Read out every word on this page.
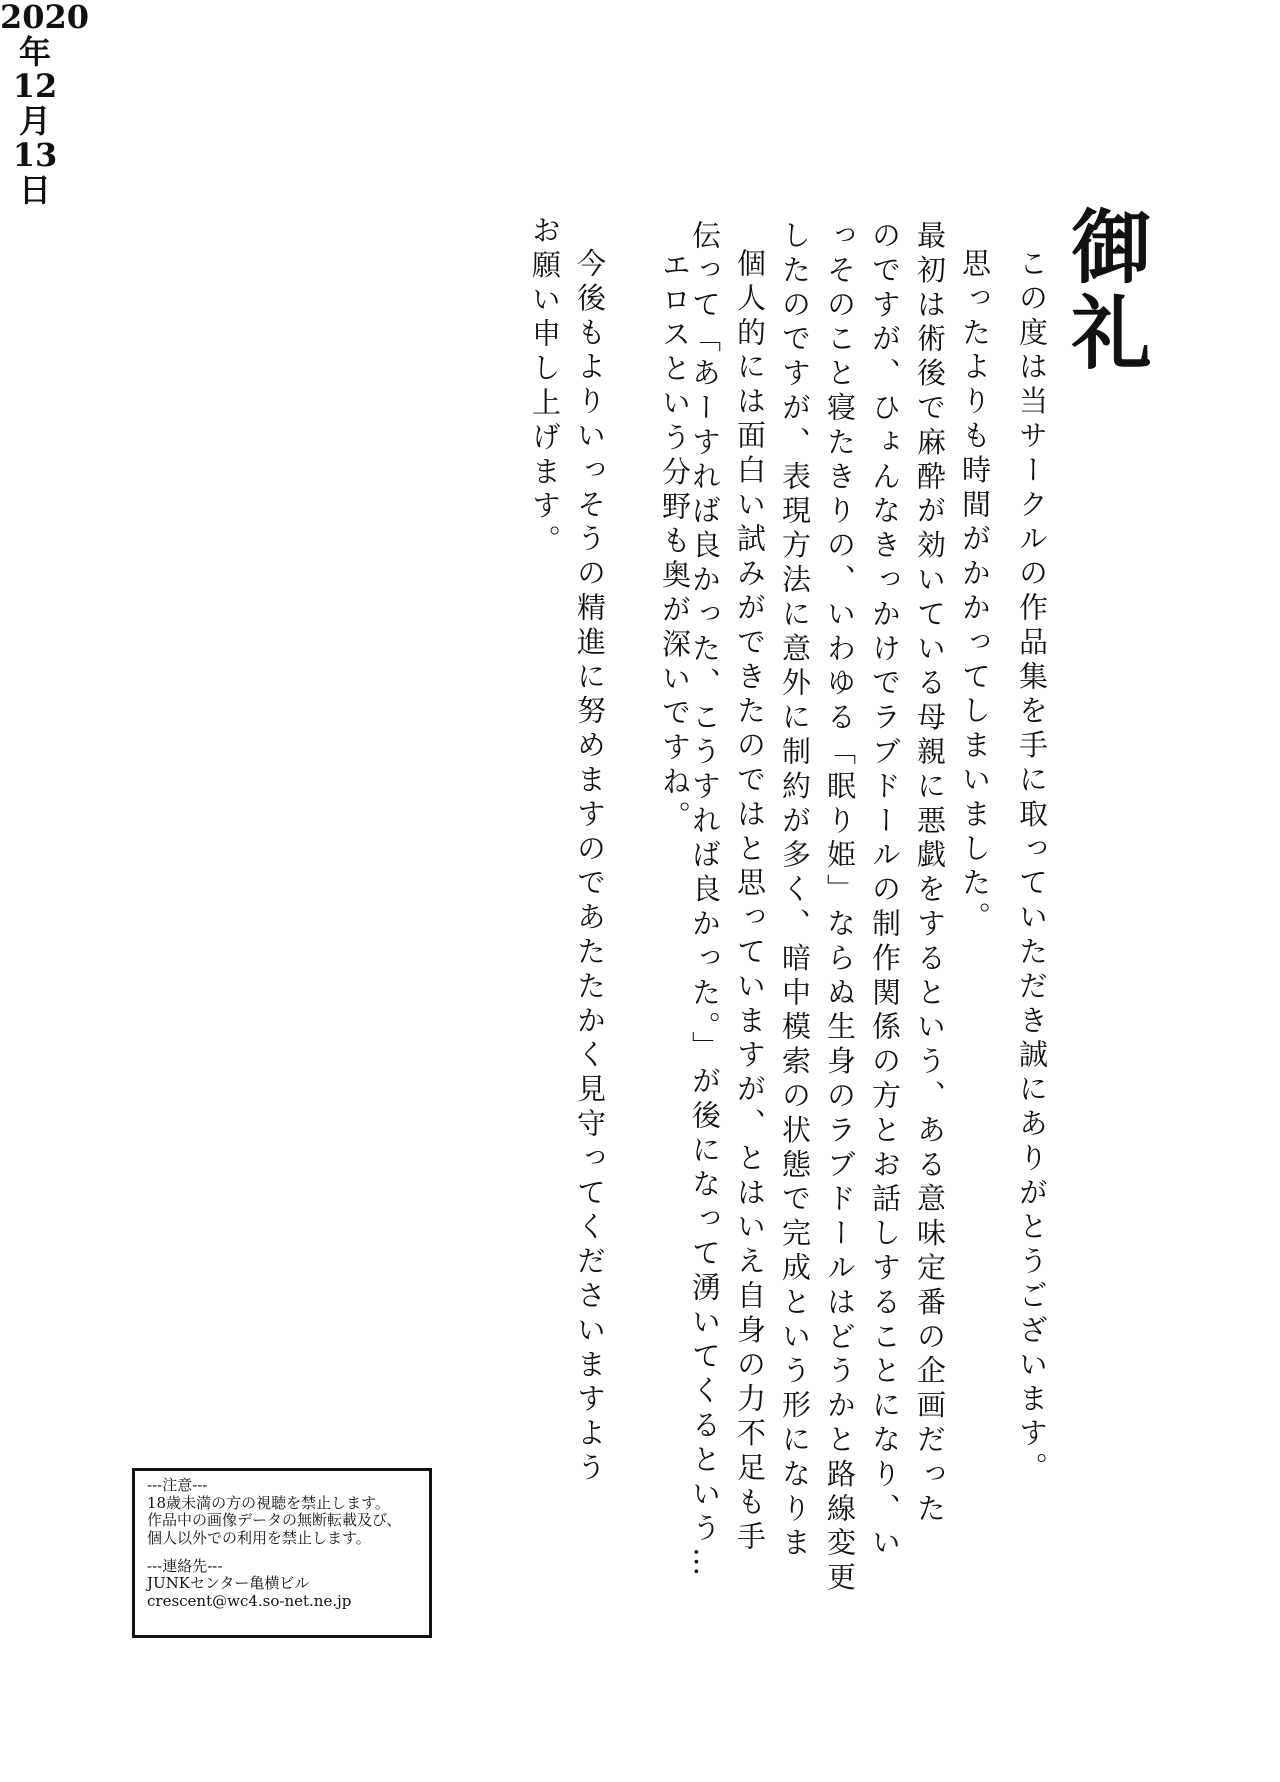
御礼
この度は当サークルの作品集を手に取っていただき誠にありがとうございます。
思ったよりも時間がかかってしまいました。
最初は術後で麻酔が効いている母親に悪戯をするという、ある意味定番の企画だった
のですが、ひょんなきっかけでラブドールの制作関係の方とお話しすることになり、い
っそのこと寝たきりの、いわゆる「眠り姫」ならぬ生身のラブドールはどうかと路線変更
したのですが、表現方法に意外に制約が多く、暗中模索の状態で完成という形になりま
個人的には面白い試みができたのではと思っていますが、とはいえ自身の力不足も手
伝って「あーすれば良かった、こうすれば良かった。」が後になって湧いてくるという…
エロスという分野も奥が深いですね。
今後もよりいっそうの精進に努めますのであたたかく見守ってくださいますよう
お願い申し上げます。
2020
年
12
月
13
日
---注意---
18歳未満の方の視聴を禁止します。
作品中の画像データの無断転載及び、
個人以外での利用を禁止します。
---連絡先---
JUNKセンター亀横ビル
crescent@wc4.so-net.ne.jp
